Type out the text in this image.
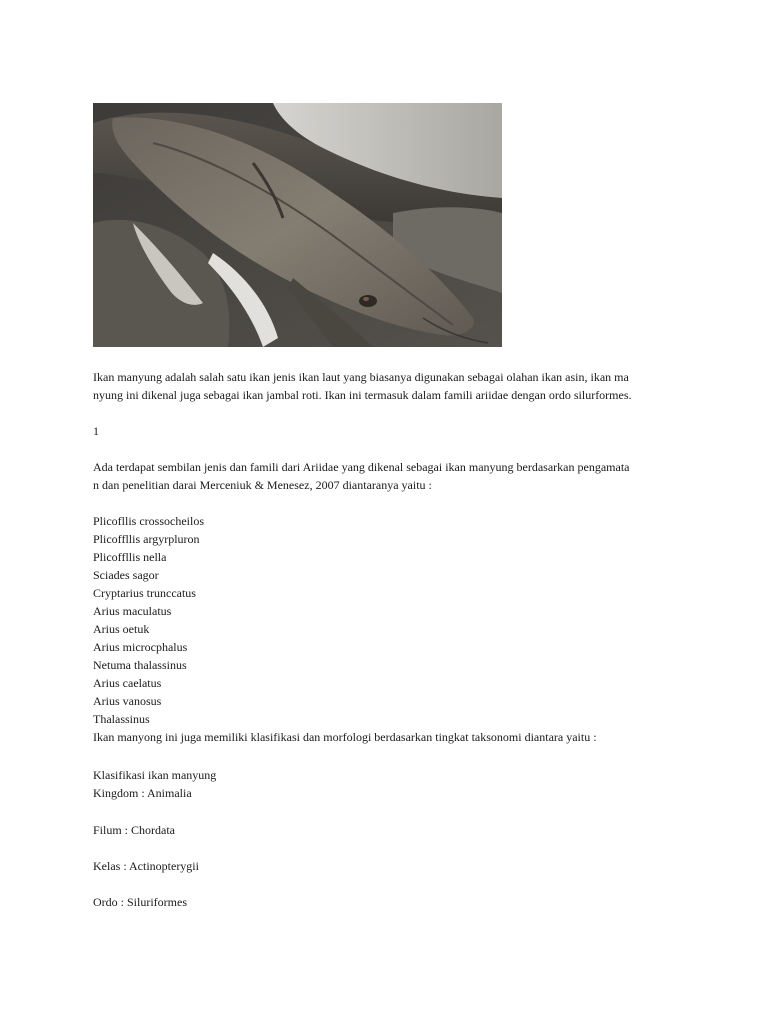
Ikan manyung adalah salah satu ikan jenis ikan laut yang biasanya digunakan sebagai olahan ikan asin, ikan ma
nyung ini dikenal juga sebagai ikan jambal roti. Ikan ini termasuk dalam famili ariidae dengan ordo silurformes.
1
Ada terdapat sembilan jenis dan famili dari Ariidae yang dikenal sebagai ikan manyung berdasarkan pengamata
n dan penelitian darai Merceniuk & Menesez, 2007 diantaranya yaitu :
Plicofllis crossocheilos
Plicoffllis argyrpluron
Plicoffllis nella
Sciades sagor
Cryptarius trunccatus
Arius maculatus
Arius oetuk
Arius microcphalus
Netuma thalassinus
Arius caelatus
Arius vanosus
Thalassinus
Ikan manyong ini juga memiliki klasifikasi dan morfologi berdasarkan tingkat taksonomi diantara yaitu :
Klasifikasi ikan manyung
Kingdom : Animalia
Filum : Chordata
Kelas : Actinopterygii
Ordo : Siluriformes
